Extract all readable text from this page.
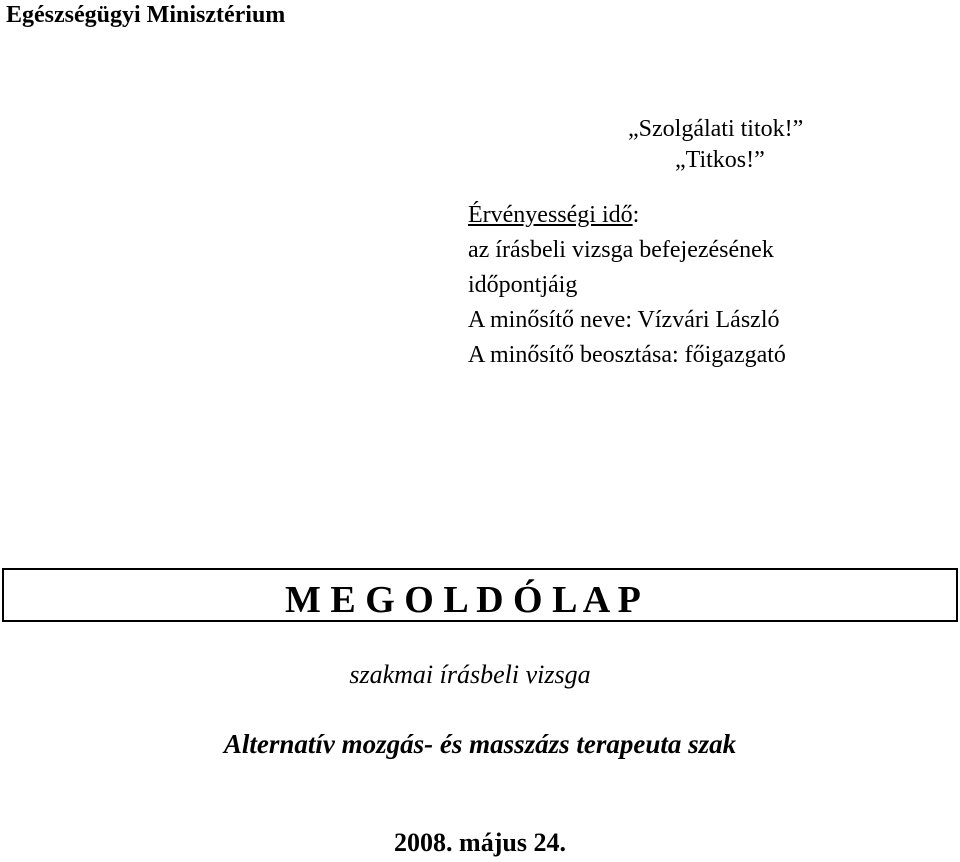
Egészségügyi Minisztérium
„Szolgálati titok!”
„Titkos!”
Érvényességi idő:
az írásbeli vizsga befejezésének
időpontjáig
A minősítő neve: Vízvári László
A minősítő beosztása: főigazgató
M E G O L D Ó L A P
szakmai írásbeli vizsga
Alternatív mozgás- és masszázs terapeuta szak
2008. május 24.
